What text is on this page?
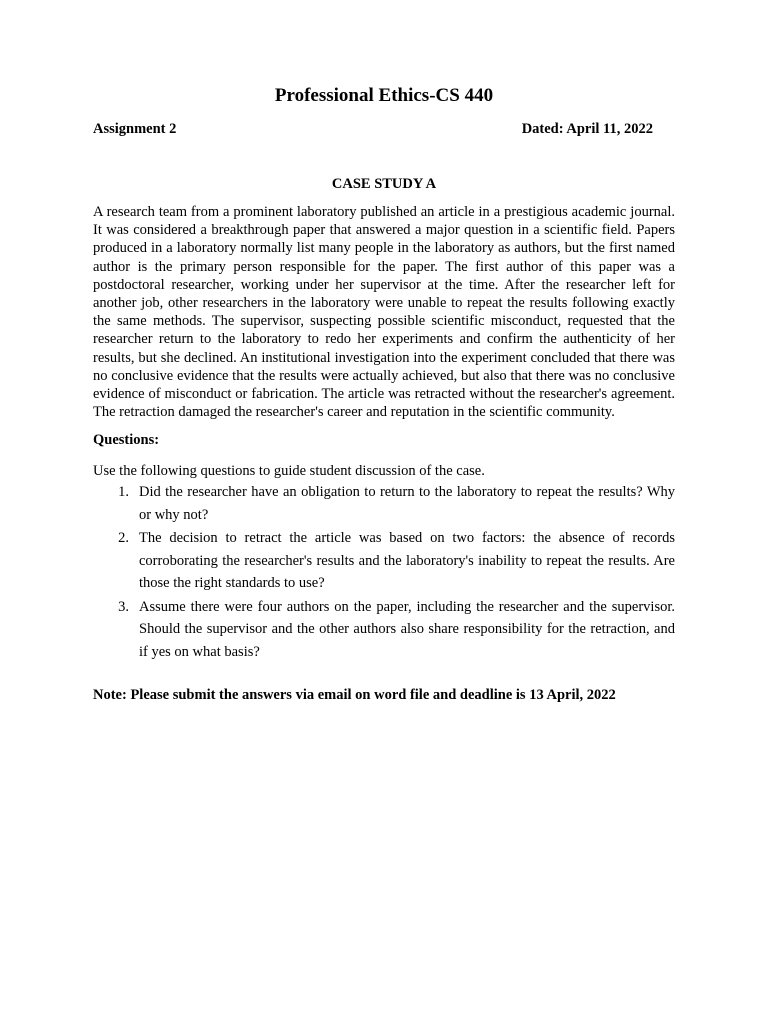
Professional Ethics-CS 440
Assignment 2	Dated: April 11, 2022
CASE STUDY A

A research team from a prominent laboratory published an article in a prestigious academic journal. It was considered a breakthrough paper that answered a major question in a scientific field. Papers produced in a laboratory normally list many people in the laboratory as authors, but the first named author is the primary person responsible for the paper. The first author of this paper was a postdoctoral researcher, working under her supervisor at the time. After the researcher left for another job, other researchers in the laboratory were unable to repeat the results following exactly the same methods. The supervisor, suspecting possible scientific misconduct, requested that the researcher return to the laboratory to redo her experiments and confirm the authenticity of her results, but she declined. An institutional investigation into the experiment concluded that there was no conclusive evidence that the results were actually achieved, but also that there was no conclusive evidence of misconduct or fabrication. The article was retracted without the researcher's agreement. The retraction damaged the researcher's career and reputation in the scientific community.

Questions:
Use the following questions to guide student discussion of the case.
1. Did the researcher have an obligation to return to the laboratory to repeat the results? Why or why not?
2. The decision to retract the article was based on two factors: the absence of records corroborating the researcher's results and the laboratory's inability to repeat the results. Are those the right standards to use?
3. Assume there were four authors on the paper, including the researcher and the supervisor. Should the supervisor and the other authors also share responsibility for the retraction, and if yes on what basis?
Note: Please submit the answers via email on word file and deadline is 13 April, 2022
